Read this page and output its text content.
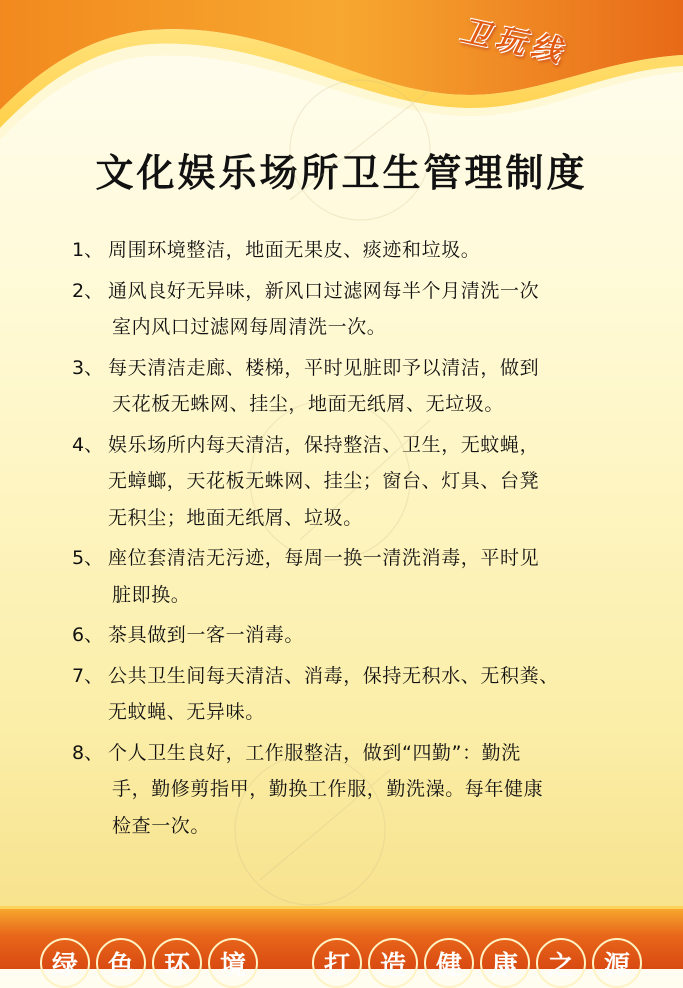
卫玩线
文化娱乐场所卫生管理制度
1、 周围环境整洁，地面无果皮、痰迹和垃圾。
2、 通风良好无异味，新风口过滤网每半个月清洗一次
室内风口过滤网每周清洗一次。
3、 每天清洁走廊、楼梯，平时见脏即予以清洁，做到
天花板无蛛网、挂尘，地面无纸屑、无垃圾。
4、 娱乐场所内每天清洁，保持整洁、卫生，无蚊蝇，
无蟑螂，天花板无蛛网、挂尘；窗台、灯具、台凳
无积尘；地面无纸屑、垃圾。
5、 座位套清洁无污迹，每周一换一清洗消毒，平时见
脏即换。
6、 茶具做到一客一消毒。
7、 公共卫生间每天清洁、消毒，保持无积水、无积粪、
无蚊蝇、无异味。
8、 个人卫生良好，工作服整洁，做到“四勤”：勤洗
手，勤修剪指甲，勤换工作服，勤洗澡。每年健康
检查一次。
绿	色	环	境	打	造	健	康	之	源
